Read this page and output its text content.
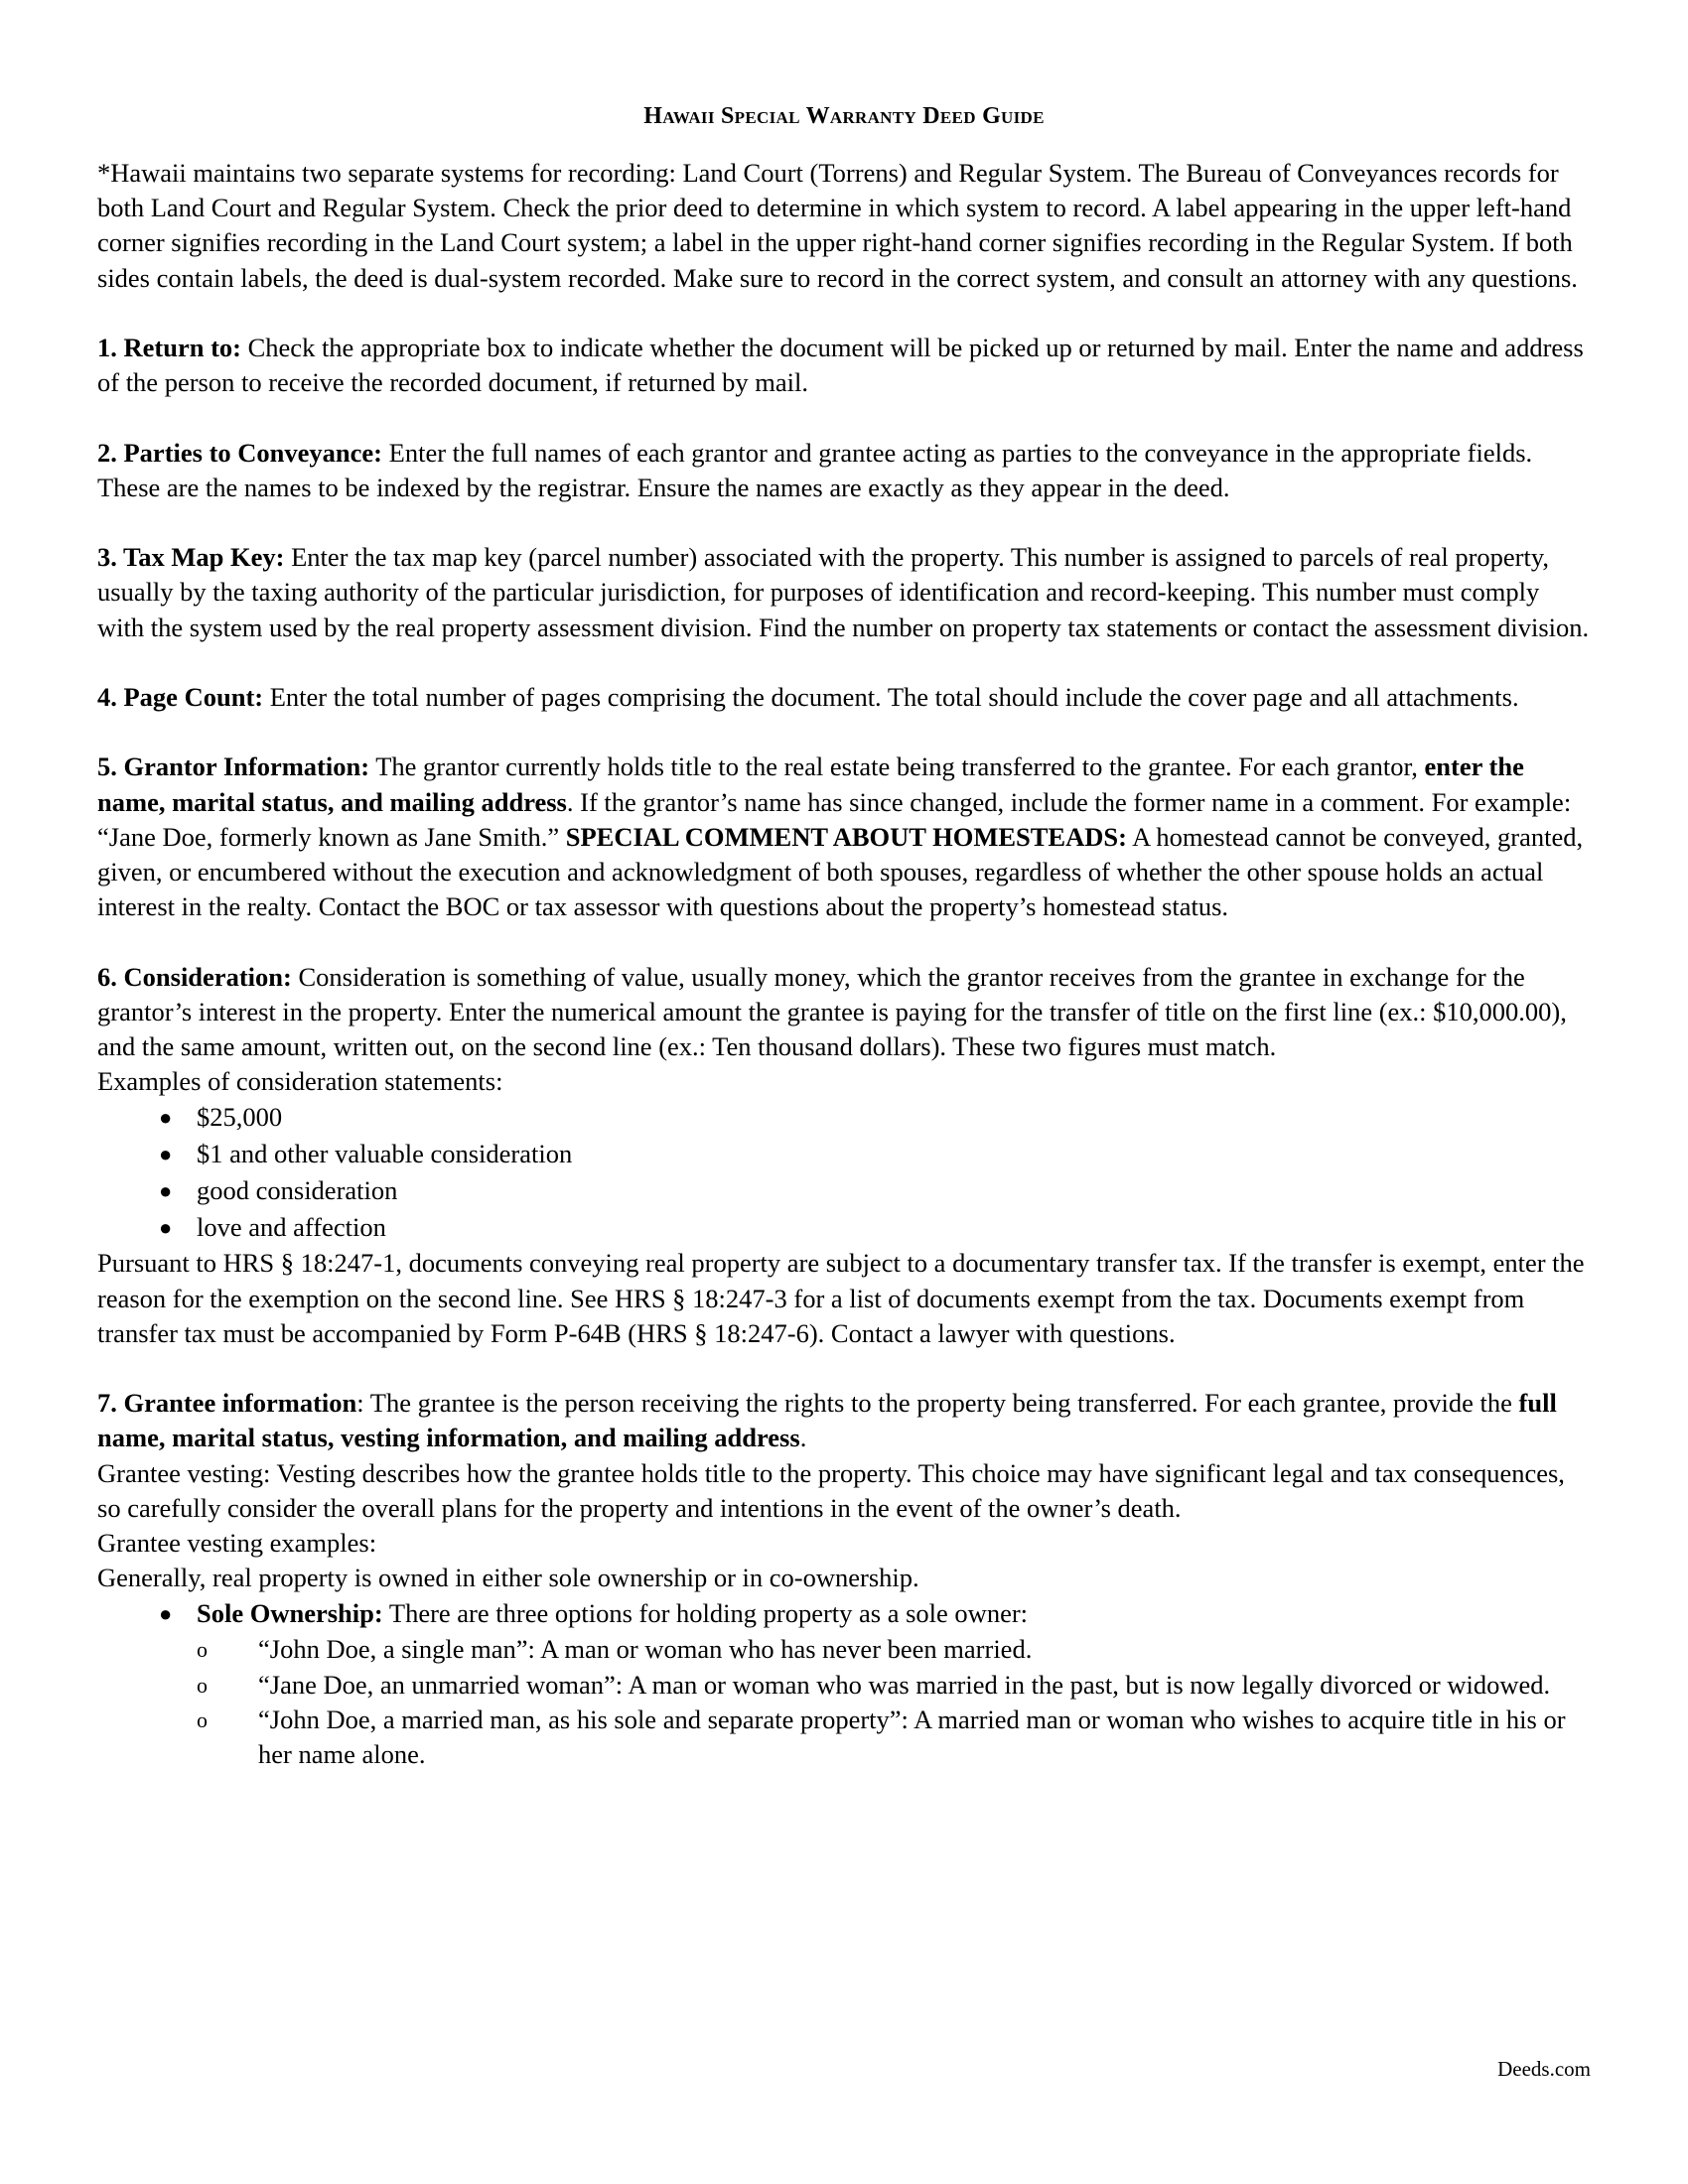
Hawaii Special Warranty Deed Guide

*Hawaii maintains two separate systems for recording: Land Court (Torrens) and Regular System. The Bureau of Conveyances records for both Land Court and Regular System. Check the prior deed to determine in which system to record. A label appearing in the upper left-hand corner signifies recording in the Land Court system; a label in the upper right-hand corner signifies recording in the Regular System. If both sides contain labels, the deed is dual-system recorded. Make sure to record in the correct system, and consult an attorney with any questions.

1. Return to: Check the appropriate box to indicate whether the document will be picked up or returned by mail. Enter the name and address of the person to receive the recorded document, if returned by mail.

2. Parties to Conveyance: Enter the full names of each grantor and grantee acting as parties to the conveyance in the appropriate fields. These are the names to be indexed by the registrar. Ensure the names are exactly as they appear in the deed.

3. Tax Map Key: Enter the tax map key (parcel number) associated with the property. This number is assigned to parcels of real property, usually by the taxing authority of the particular jurisdiction, for purposes of identification and record-keeping. This number must comply with the system used by the real property assessment division. Find the number on property tax statements or contact the assessment division.

4. Page Count: Enter the total number of pages comprising the document. The total should include the cover page and all attachments.

5. Grantor Information: The grantor currently holds title to the real estate being transferred to the grantee. For each grantor, enter the name, marital status, and mailing address. If the grantor’s name has since changed, include the former name in a comment. For example: “Jane Doe, formerly known as Jane Smith.” SPECIAL COMMENT ABOUT HOMESTEADS: A homestead cannot be conveyed, granted, given, or encumbered without the execution and acknowledgment of both spouses, regardless of whether the other spouse holds an actual interest in the realty. Contact the BOC or tax assessor with questions about the property’s homestead status.

6. Consideration: Consideration is something of value, usually money, which the grantor receives from the grantee in exchange for the grantor’s interest in the property. Enter the numerical amount the grantee is paying for the transfer of title on the first line (ex.: $10,000.00), and the same amount, written out, on the second line (ex.: Ten thousand dollars). These two figures must match.

Examples of consideration statements:

● $25,000
● $1 and other valuable consideration
● good consideration
● love and affection

Pursuant to HRS § 18:247-1, documents conveying real property are subject to a documentary transfer tax. If the transfer is exempt, enter the reason for the exemption on the second line. See HRS § 18:247-3 for a list of documents exempt from the tax. Documents exempt from transfer tax must be accompanied by Form P-64B (HRS § 18:247-6). Contact a lawyer with questions.

7. Grantee information: The grantee is the person receiving the rights to the property being transferred. For each grantee, provide the full name, marital status, vesting information, and mailing address.

Grantee vesting: Vesting describes how the grantee holds title to the property. This choice may have significant legal and tax consequences, so carefully consider the overall plans for the property and intentions in the event of the owner’s death.

Grantee vesting examples:

Generally, real property is owned in either sole ownership or in co-ownership.

● Sole Ownership: There are three options for holding property as a sole owner:
o “John Doe, a single man”: A man or woman who has never been married.
o “Jane Doe, an unmarried woman”: A man or woman who was married in the past, but is now legally divorced or widowed.
o “John Doe, a married man, as his sole and separate property”: A married man or woman who wishes to acquire title in his or her name alone.
Deeds.com
